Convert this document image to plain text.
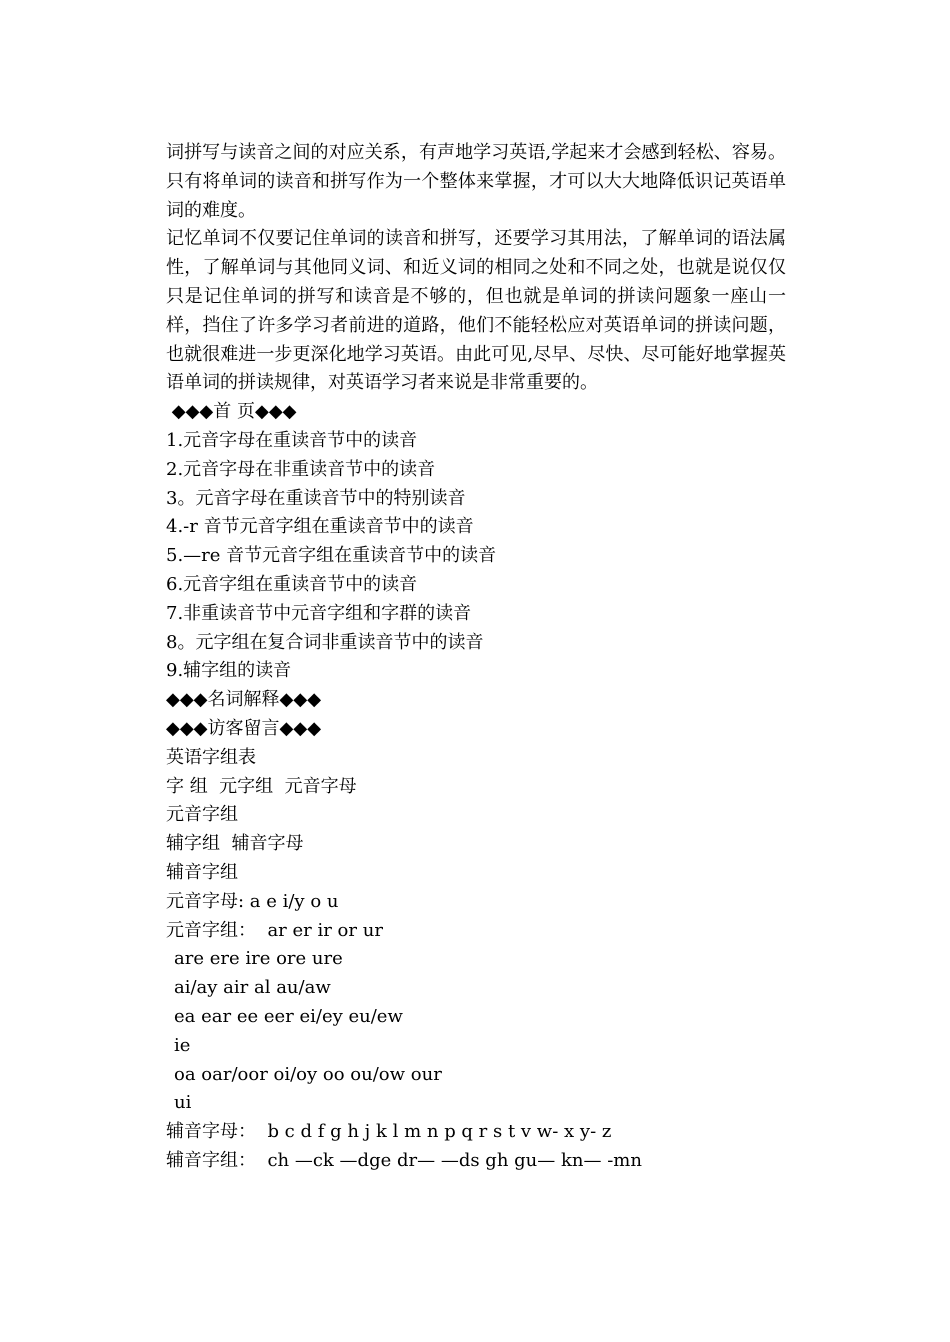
词拼写与读音之间的对应关系，有声地学习英语,学起来才会感到轻松、容易。只有将单词的读音和拼写作为一个整体来掌握，才可以大大地降低识记英语单词的难度。

记忆单词不仅要记住单词的读音和拼写，还要学习其用法，了解单词的语法属性，了解单词与其他同义词、和近义词的相同之处和不同之处，也就是说仅仅只是记住单词的拼写和读音是不够的，但也就是单词的拼读问题象一座山一样，挡住了许多学习者前进的道路，他们不能轻松应对英语单词的拼读问题，也就很难进一步更深化地学习英语。由此可见,尽早、尽快、尽可能好地掌握英语单词的拼读规律，对英语学习者来说是非常重要的。

◆◆◆首 页◆◆◆

1.元音字母在重读音节中的读音

2.元音字母在非重读音节中的读音

3。元音字母在重读音节中的特别读音

4.-r 音节元音字组在重读音节中的读音

5.—re 音节元音字组在重读音节中的读音

6.元音字组在重读音节中的读音

7.非重读音节中元音字组和字群的读音

8。元字组在复合词非重读音节中的读音

9.辅字组的读音

◆◆◆名词解释◆◆◆

◆◆◆访客留言◆◆◆

英语字组表

字 组  元字组  元音字母

元音字组

辅字组  辅音字母

辅音字组

元音字母: a e i/y o u

元音字组：  ar er ir or ur

are ere ire ore ure

ai/ay air al au/aw

ea ear ee eer ei/ey eu/ew

ie

oa oar/oor oi/oy oo ou/ow our

ui

辅音字母：  b c d f g h j k l m n p q r s t v w- x y- z

辅音字组：  ch —ck —dge dr— —ds gh gu— kn— -mn
